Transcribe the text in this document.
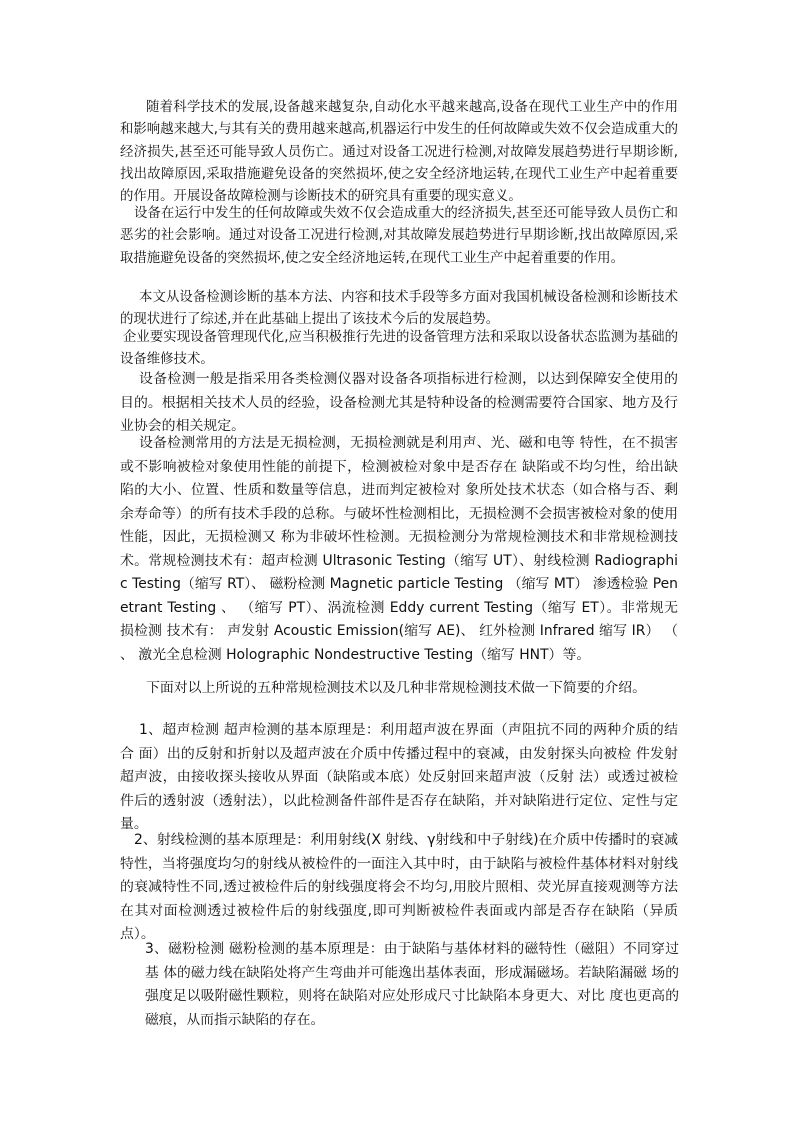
随着科学技术的发展,设备越来越复杂,自动化水平越来越高,设备在现代工业生产中的作用和影响越来越大,与其有关的费用越来越高,机器运行中发生的任何故障或失效不仅会造成重大的经济损失,甚至还可能导致人员伤亡。通过对设备工况进行检测,对故障发展趋势进行早期诊断,找出故障原因,采取措施避免设备的突然损坏,使之安全经济地运转,在现代工业生产中起着重要的作用。开展设备故障检测与诊断技术的研究具有重要的现实意义。

设备在运行中发生的任何故障或失效不仅会造成重大的经济损失,甚至还可能导致人员伤亡和恶劣的社会影响。通过对设备工况进行检测,对其故障发展趋势进行早期诊断,找出故障原因,采取措施避免设备的突然损坏,使之安全经济地运转,在现代工业生产中起着重要的作用。

本文从设备检测诊断的基本方法、内容和技术手段等多方面对我国机械设备检测和诊断技术的现状进行了综述,并在此基础上提出了该技术今后的发展趋势。

企业要实现设备管理现代化,应当积极推行先进的设备管理方法和采取以设备状态监测为基础的设备维修技术。

设备检测一般是指采用各类检测仪器对设备各项指标进行检测，以达到保障安全使用的目的。根据相关技术人员的经验，设备检测尤其是特种设备的检测需要符合国家、地方及行业协会的相关规定。

设备检测常用的方法是无损检测，无损检测就是利用声、光、磁和电等 特性，在不损害或不影响被检对象使用性能的前提下，检测被检对象中是否存在 缺陷或不均匀性，给出缺陷的大小、位置、性质和数量等信息，进而判定被检对 象所处技术状态（如合格与否、剩余寿命等）的所有技术手段的总称。与破坏性检测相比，无损检测不会损害被检对象的使用性能，因此，无损检测又 称为非破坏性检测。无损检测分为常规检测技术和非常规检测技术。常规检测技术有：超声检测 Ultrasonic Testing（缩写 UT）、射线检测 Radiographic Testing（缩写 RT）、 磁粉检测 Magnetic particle Testing （缩写 MT） 渗透检验 Penetrant Testing 、 （缩写 PT）、涡流检测 Eddy current Testing（缩写 ET）。非常规无损检测 技术有： 声发射 Acoustic Emission(缩写 AE)、 红外检测 Infrared 缩写 IR） （ 、 激光全息检测 Holographic Nondestructive Testing（缩写 HNT）等。

下面对以上所说的五种常规检测技术以及几种非常规检测技术做一下简要的介绍。

1、超声检测 超声检测的基本原理是：利用超声波在界面（声阻抗不同的两种介质的结合 面）出的反射和折射以及超声波在介质中传播过程中的衰减，由发射探头向被检 件发射超声波，由接收探头接收从界面（缺陷或本底）处反射回来超声波（反射 法）或透过被检件后的透射波（透射法），以此检测备件部件是否存在缺陷，并对缺陷进行定位、定性与定量。

2、射线检测的基本原理是：利用射线(X 射线、γ射线和中子射线)在介质中传播时的衰减特性，当将强度均匀的射线从被检件的一面注入其中时，由于缺陷与被检件基体材料对射线的衰减特性不同,透过被检件后的射线强度将会不均匀,用胶片照相、荧光屏直接观测等方法在其对面检测透过被检件后的射线强度,即可判断被检件表面或内部是否存在缺陷（异质点）。

3、磁粉检测 磁粉检测的基本原理是：由于缺陷与基体材料的磁特性（磁阻）不同穿过基 体的磁力线在缺陷处将产生弯曲并可能逸出基体表面，形成漏磁场。若缺陷漏磁 场的强度足以吸附磁性颗粒，则将在缺陷对应处形成尺寸比缺陷本身更大、对比 度也更高的磁痕，从而指示缺陷的存在。
